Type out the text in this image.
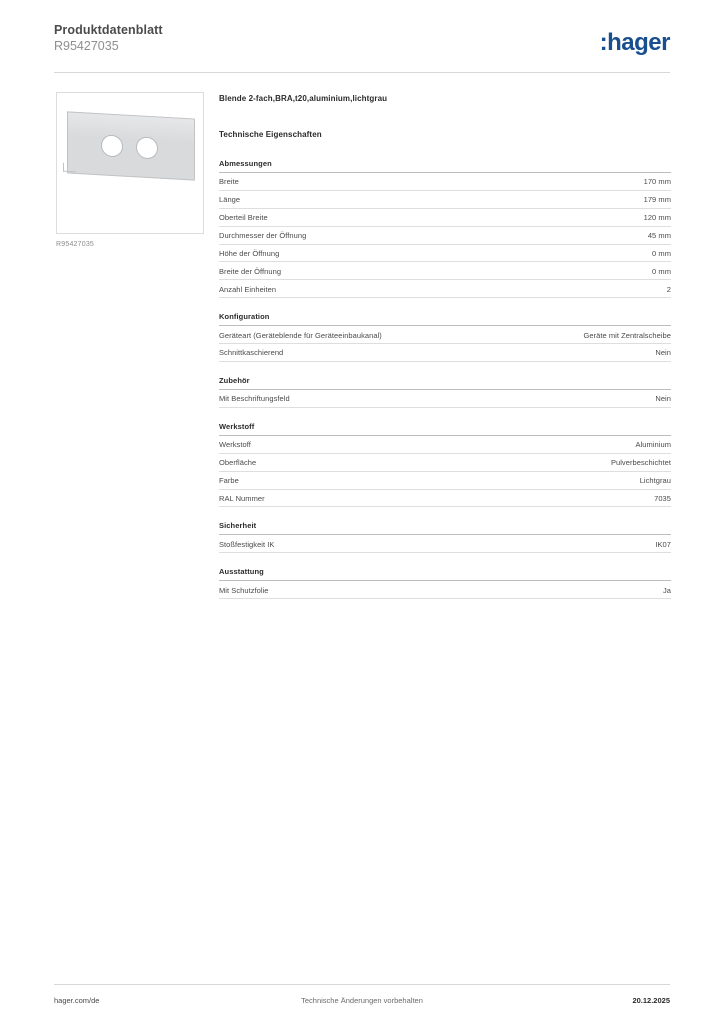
Produktdatenblatt
R95427035	:hager
R95427035
Blende 2-fach,BRA,t20,aluminium,lichtgrau
Technische Eigenschaften
Abmessungen
Breite	170 mm
Länge	179 mm
Oberteil Breite	120 mm
Durchmesser der Öffnung	45 mm
Höhe der Öffnung	0 mm
Breite der Öffnung	0 mm
Anzahl Einheiten	2
Konfiguration
Geräteart (Geräteblende für Geräteeinbaukanal)	Geräte mit Zentralscheibe
Schnittkaschierend	Nein
Zubehör
Mit Beschriftungsfeld	Nein
Werkstoff
Werkstoff	Aluminium
Oberfläche	Pulverbeschichtet
Farbe	Lichtgrau
RAL Nummer	7035
Sicherheit
Stoßfestigkeit IK	IK07
Ausstattung
Mit Schutzfolie	Ja
hager.com/de	Technische Änderungen vorbehalten	20.12.2025
